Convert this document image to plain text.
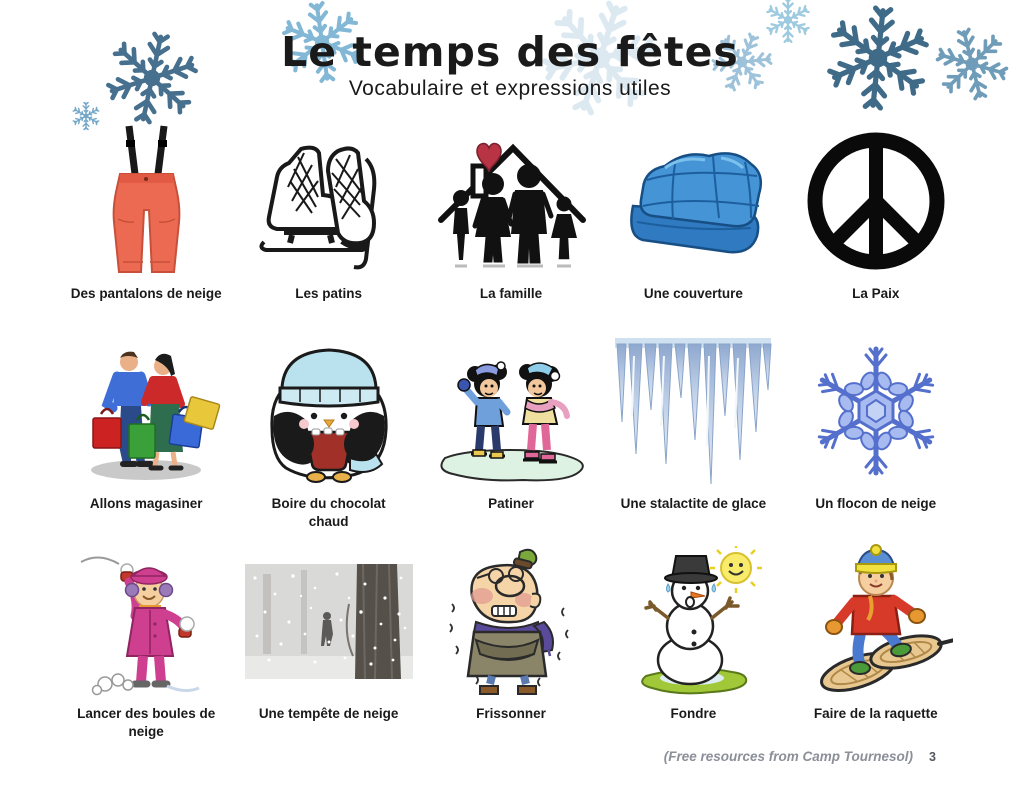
Le temps des fêtes
Vocabulaire et expressions utiles
Des pantalons de neige	Les patins	La famille	Une couverture	La Paix
Allons magasiner	Boire du chocolat chaud
Patiner	Une stalactite de glace	Un flocon de neige
Lancer des boules de neige
Une tempête de neige	Frissonner	Fondre	Faire de la raquette
(Free resources from Camp Tournesol) 3
